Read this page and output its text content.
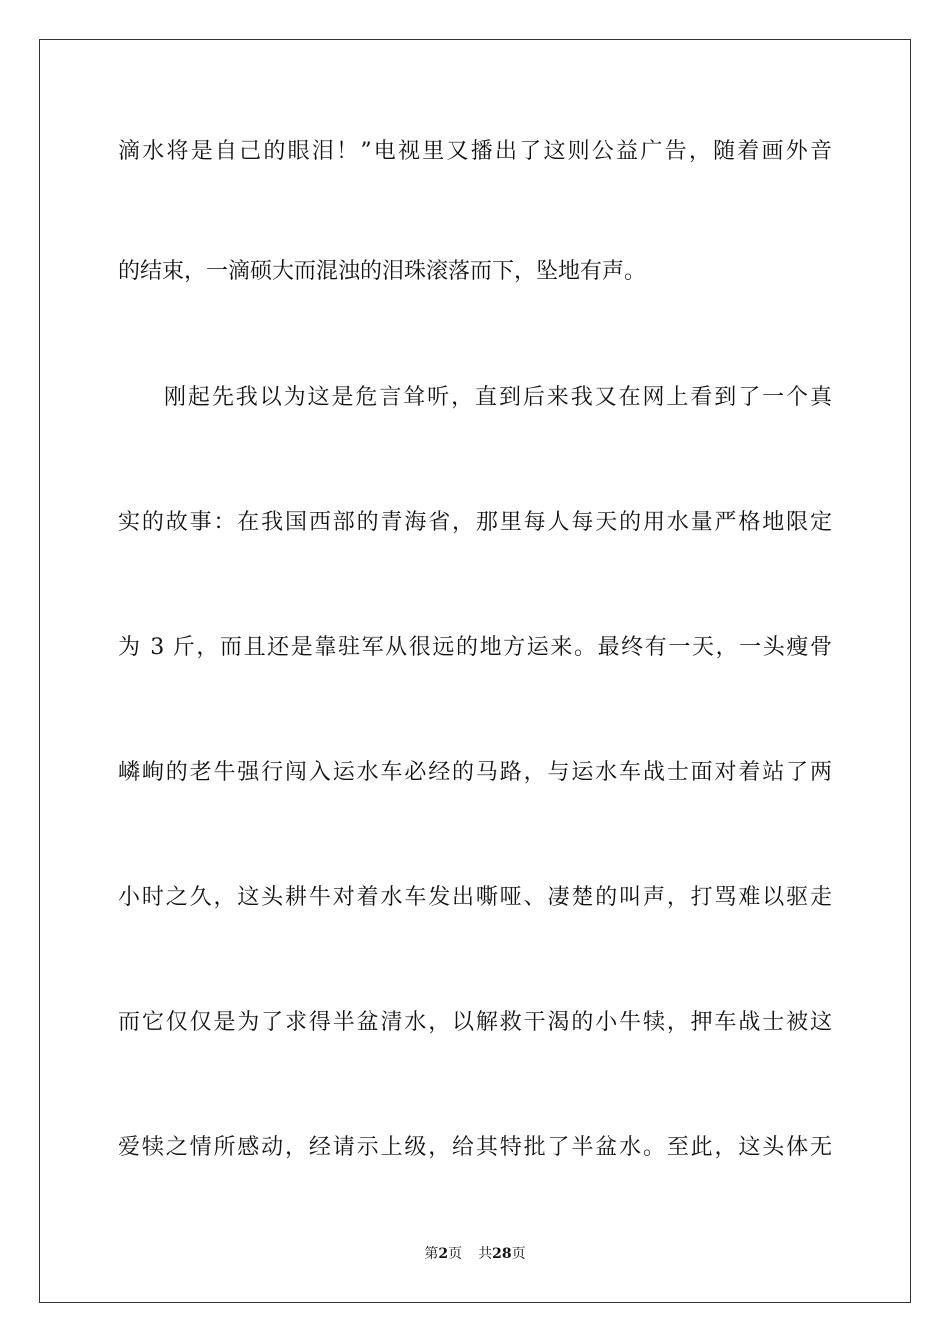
滴水将是自己的眼泪！”电视里又播出了这则公益广告，随着画外音
的结束，一滴硕大而混浊的泪珠滚落而下，坠地有声。
刚起先我以为这是危言耸听，直到后来我又在网上看到了一个真
实的故事：在我国西部的青海省，那里每人每天的用水量严格地限定
为 3 斤，而且还是靠驻军从很远的地方运来。最终有一天，一头瘦骨
嶙峋的老牛强行闯入运水车必经的马路，与运水车战士面对着站了两
小时之久，这头耕牛对着水车发出嘶哑、凄楚的叫声，打骂难以驱走
而它仅仅是为了求得半盆清水，以解救干渴的小牛犊，押车战士被这
爱犊之情所感动，经请示上级，给其特批了半盆水。至此，这头体无
第2页 共28页
